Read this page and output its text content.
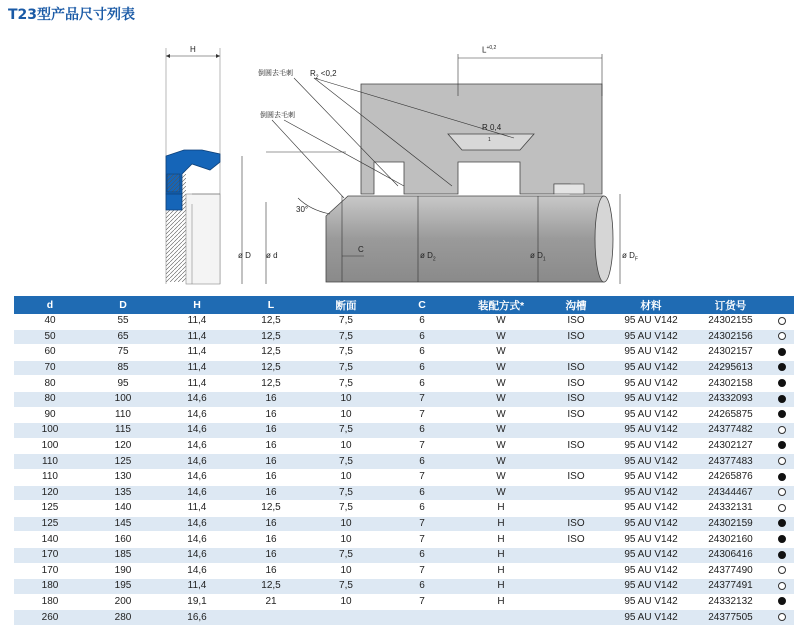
T23型产品尺寸列表
H	$L^{+0,2}$
倒圆去毛刺 $R_2 <0,2$
倒圆去毛刺
R 0,4
$_1$
30°
C
ø D ø d	ø $D_2$	ø $D_1$	ø $D_F$
d	D	H	L	断面	C	装配方式*	沟槽	材料	订货号	
40	55	11,4	12,5	7,5	6	W	ISO	95 AU V142	24302155	
50	65	11,4	12,5	7,5	6	W	ISO	95 AU V142	24302156	
60	75	11,4	12,5	7,5	6	W		95 AU V142	24302157	
70	85	11,4	12,5	7,5	6	W	ISO	95 AU V142	24295613	
80	95	11,4	12,5	7,5	6	W	ISO	95 AU V142	24302158	
80	100	14,6	16	10	7	W	ISO	95 AU V142	24332093	
90	110	14,6	16	10	7	W	ISO	95 AU V142	24265875	
100	115	14,6	16	7,5	6	W		95 AU V142	24377482	
100	120	14,6	16	10	7	W	ISO	95 AU V142	24302127	
110	125	14,6	16	7,5	6	W		95 AU V142	24377483	
110	130	14,6	16	10	7	W	ISO	95 AU V142	24265876	
120	135	14,6	16	7,5	6	W		95 AU V142	24344467	
125	140	11,4	12,5	7,5	6	H		95 AU V142	24332131	
125	145	14,6	16	10	7	H	ISO	95 AU V142	24302159	
140	160	14,6	16	10	7	H	ISO	95 AU V142	24302160	
170	185	14,6	16	7,5	6	H		95 AU V142	24306416	
170	190	14,6	16	10	7	H		95 AU V142	24377490	
180	195	11,4	12,5	7,5	6	H		95 AU V142	24377491	
180	200	19,1	21	10	7	H		95 AU V142	24332132	
260	280	16,6						95 AU V142	24377505	
